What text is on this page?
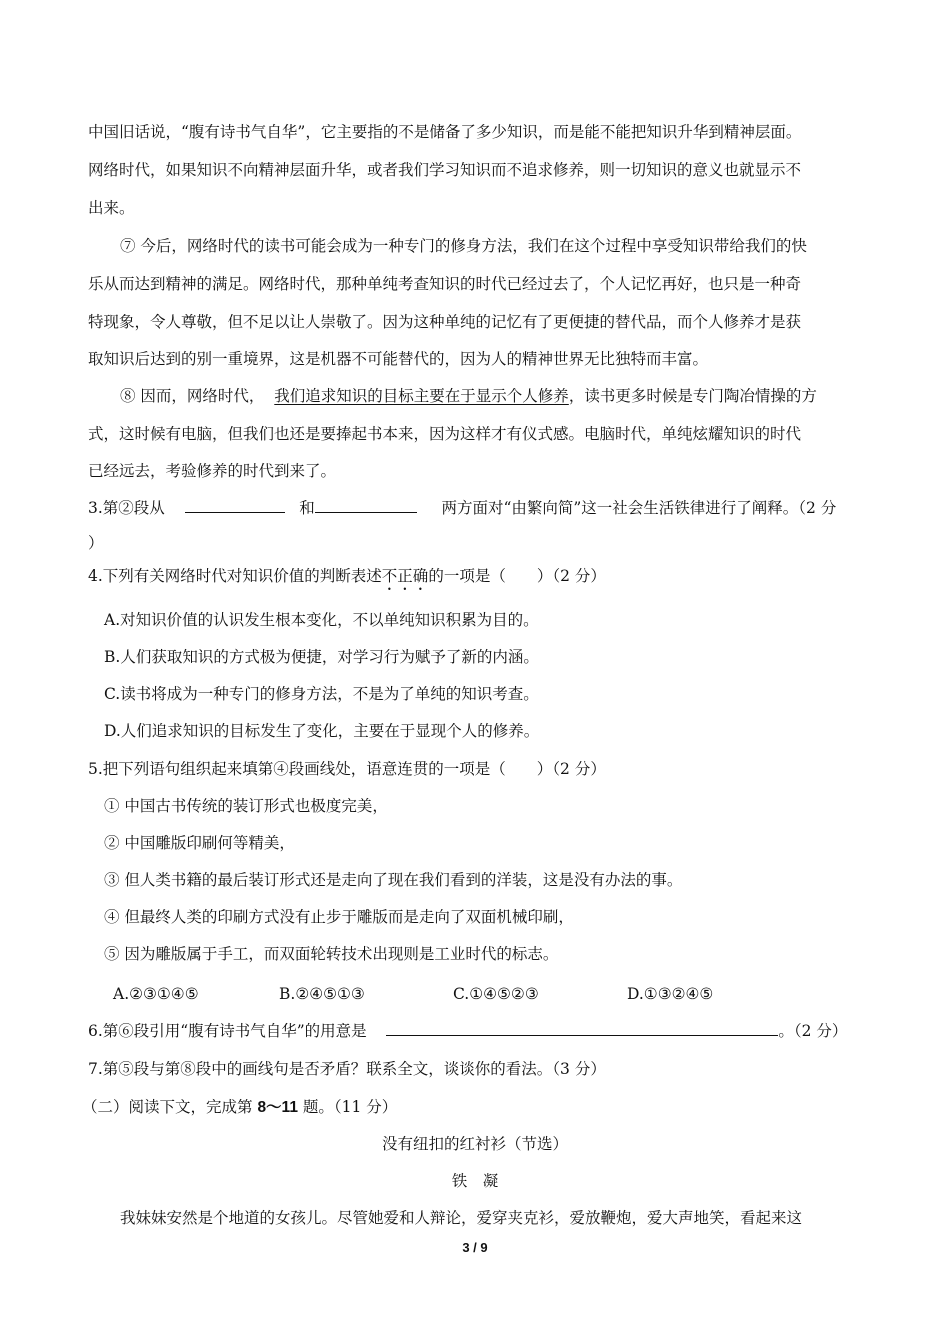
中国旧话说，“腹有诗书气自华”，它主要指的不是储备了多少知识，而是能不能把知识升华到精神层面。
网络时代，如果知识不向精神层面升华，或者我们学习知识而不追求修养，则一切知识的意义也就显示不
出来。
⑦ 今后，网络时代的读书可能会成为一种专门的修身方法，我们在这个过程中享受知识带给我们的快
乐从而达到精神的满足。网络时代，那种单纯考查知识的时代已经过去了，个人记忆再好，也只是一种奇
特现象，令人尊敬，但不足以让人崇敬了。因为这种单纯的记忆有了更便捷的替代品，而个人修养才是获
取知识后达到的别一重境界，这是机器不可能替代的，因为人的精神世界无比独特而丰富。
⑧ 因而，网络时代， 我们追求知识的目标主要在于显示个人修养，读书更多时候是专门陶冶情操的方
式，这时候有电脑，但我们也还是要捧起书本来，因为这样才有仪式感。电脑时代，单纯炫耀知识的时代
已经远去，考验修养的时代到来了。
3.第②段从	和	两方面对“由繁向简”这一社会生活铁律进行了阐释。（2 分
）
4.下列有关网络时代对知识价值的判断表述不正确的一项是（　　）（2 分）
A.对知识价值的认识发生根本变化，不以单纯知识积累为目的。
B.人们获取知识的方式极为便捷，对学习行为赋予了新的内涵。
C.读书将成为一种专门的修身方法，不是为了单纯的知识考查。
D.人们追求知识的目标发生了变化，主要在于显现个人的修养。
5.把下列语句组织起来填第④段画线处，语意连贯的一项是（　　）（2 分）
① 中国古书传统的装订形式也极度完美，
② 中国雕版印刷何等精美，
③ 但人类书籍的最后装订形式还是走向了现在我们看到的洋装，这是没有办法的事。
④ 但最终人类的印刷方式没有止步于雕版而是走向了双面机械印刷，
⑤ 因为雕版属于手工，而双面轮转技术出现则是工业时代的标志。
A.②③①④⑤	B.②④⑤①③	C.①④⑤②③	D.①③②④⑤
6.第⑥段引用“腹有诗书气自华”的用意是	。（2 分）
7.第⑤段与第⑧段中的画线句是否矛盾？联系全文，谈谈你的看法。（3 分）
（二）阅读下文，完成第 8～11 题。（11 分）
没有纽扣的红衬衫（节选）
铁　凝
我妹妹安然是个地道的女孩儿。尽管她爱和人辩论，爱穿夹克衫，爱放鞭炮，爱大声地笑，看起来这
3 / 9
